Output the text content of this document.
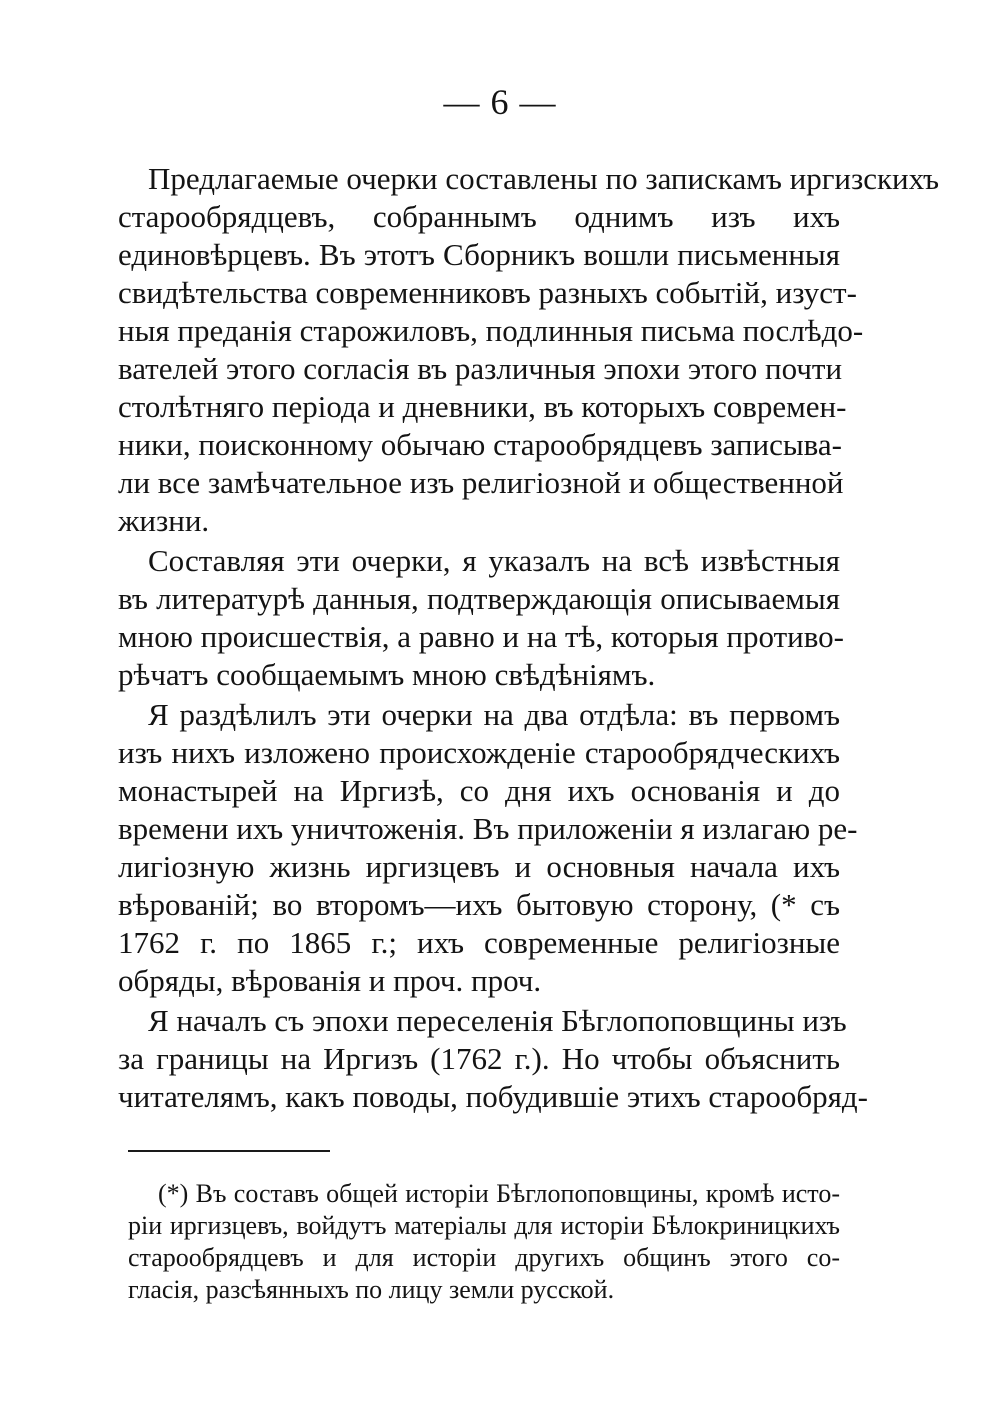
— 6 —
Предлагаемые очерки составлены по запискамъ иргизскихъ
старообрядцевъ, собраннымъ однимъ изъ ихъ
единовѣрцевъ. Въ этотъ Сборникъ вошли письменныя
свидѣтельства современниковъ разныхъ событій, изуст-
ныя преданія старожиловъ, подлинныя письма послѣдо-
вателей этого согласія въ различныя эпохи этого почти
столѣтняго періода и дневники, въ которыхъ современ-
ники, поисконному обычаю старообрядцевъ записыва-
ли все замѣчательное изъ религіозной и общественной
жизни.
Составляя эти очерки, я указалъ на всѣ извѣстныя
въ литературѣ данныя, подтверждающія описываемыя
мною происшествія, а равно и на тѣ, которыя противо-
рѣчатъ сообщаемымъ мною свѣдѣніямъ.
Я раздѣлилъ эти очерки на два отдѣла: въ первомъ
изъ нихъ изложено происхожденіе старообрядческихъ
монастырей на Иргизѣ, со дня ихъ основанія и до
времени ихъ уничтоженія. Въ приложеніи я излагаю ре-
лигіозную жизнь иргизцевъ и основныя начала ихъ
вѣрованій; во второмъ—ихъ бытовую сторону, (* съ
1762 г. по 1865 г.; ихъ современные религіозные
обряды, вѣрованія и проч. проч.
Я началъ съ эпохи переселенія Бѣглопоповщины изъ
за границы на Иргизъ (1762 г.). Но чтобы объяснить
читателямъ, какъ поводы, побудившіе этихъ старообряд-
(*) Въ составъ общей исторіи Бѣглопоповщины, кромѣ исто-
ріи иргизцевъ, войдутъ матеріалы для исторіи Бѣлокриницкихъ
старообрядцевъ и для исторіи другихъ общинъ этого со-
гласія, разсѣянныхъ по лицу земли русской.
